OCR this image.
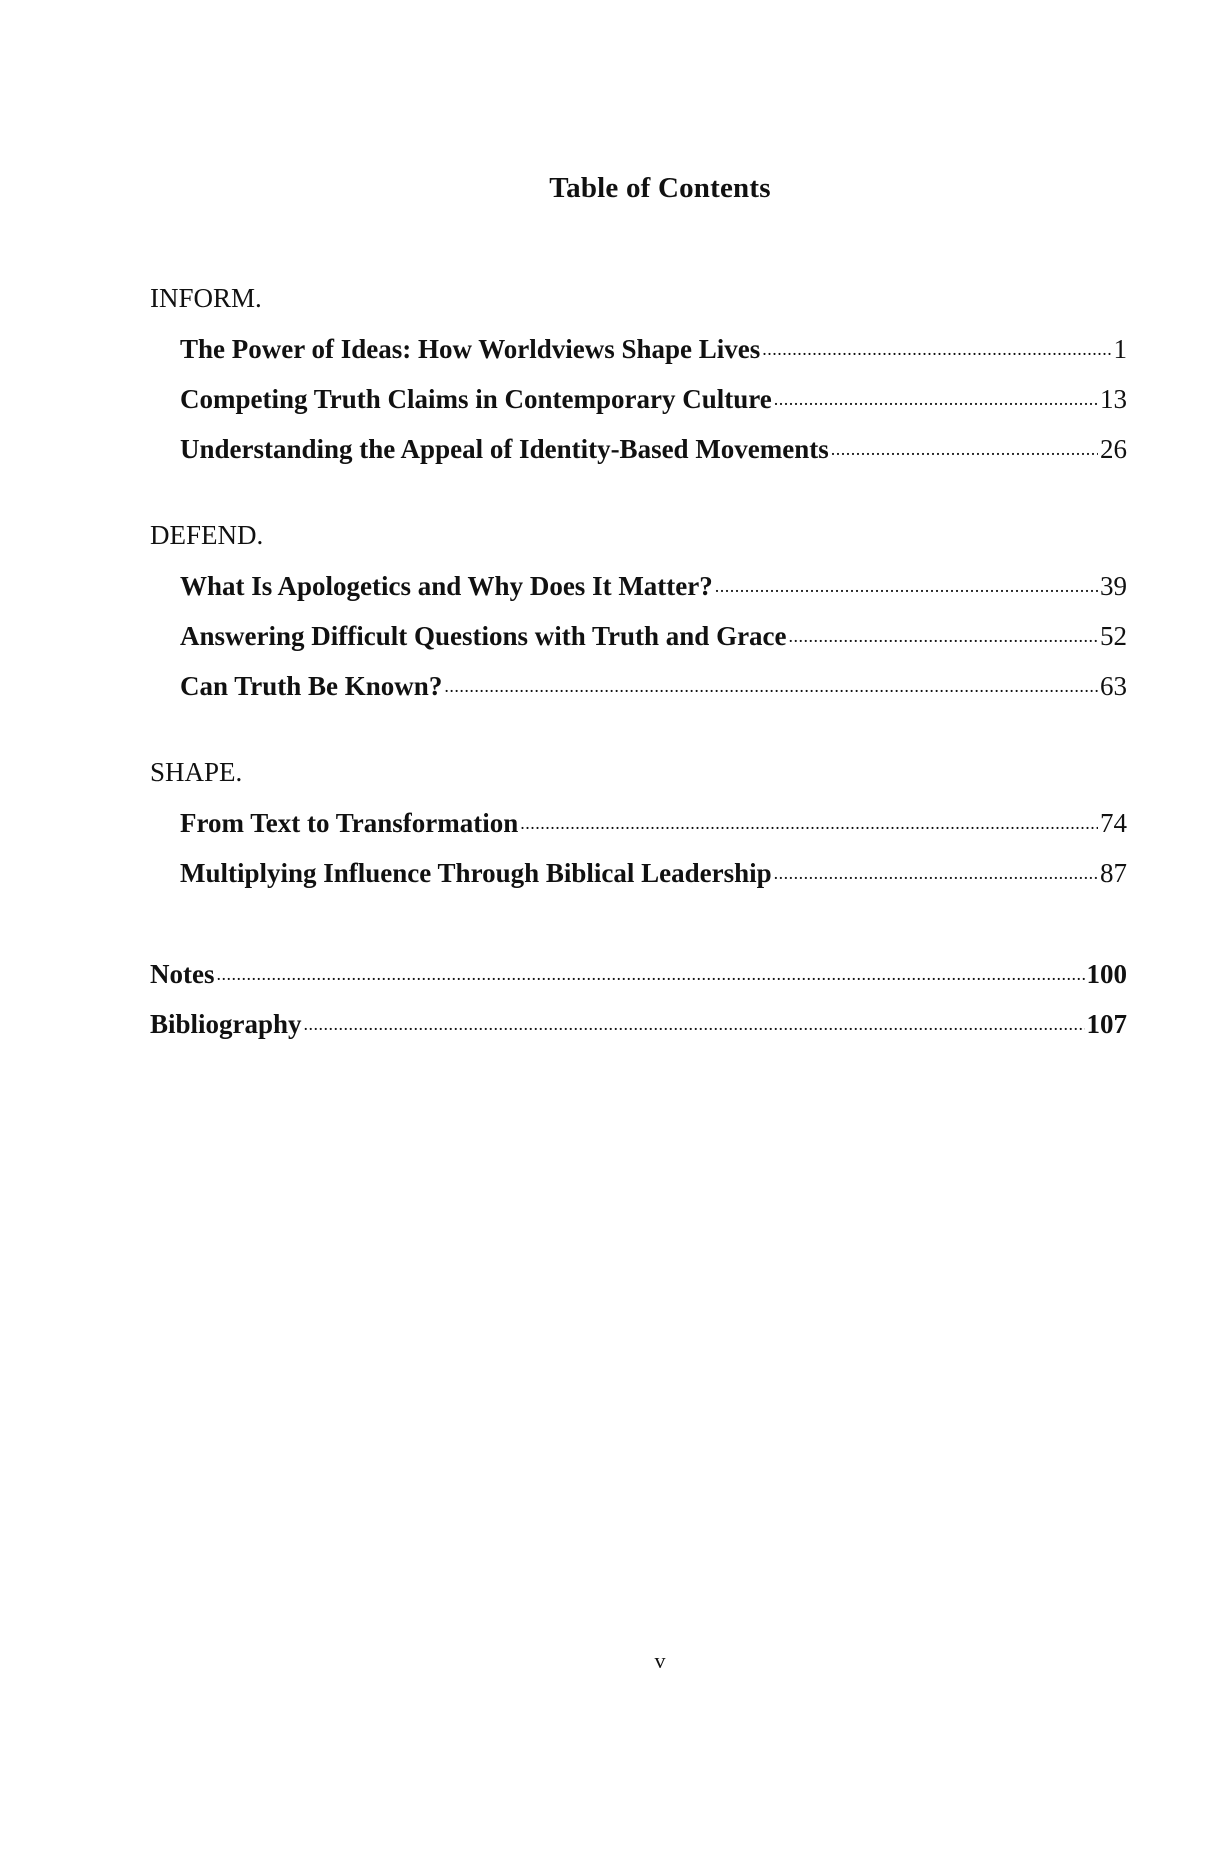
Table of Contents
INFORM.
The Power of Ideas: How Worldviews Shape Lives .....	1
Competing Truth Claims in Contemporary Culture .....	13
Understanding the Appeal of Identity-Based Movements .....	26
DEFEND.
What Is Apologetics and Why Does It Matter? .....	39
Answering Difficult Questions with Truth and Grace .....	52
Can Truth Be Known? .....	63
SHAPE.
From Text to Transformation .....	74
Multiplying Influence Through Biblical Leadership .....	87
Notes .....	100
Bibliography .....	107
v
